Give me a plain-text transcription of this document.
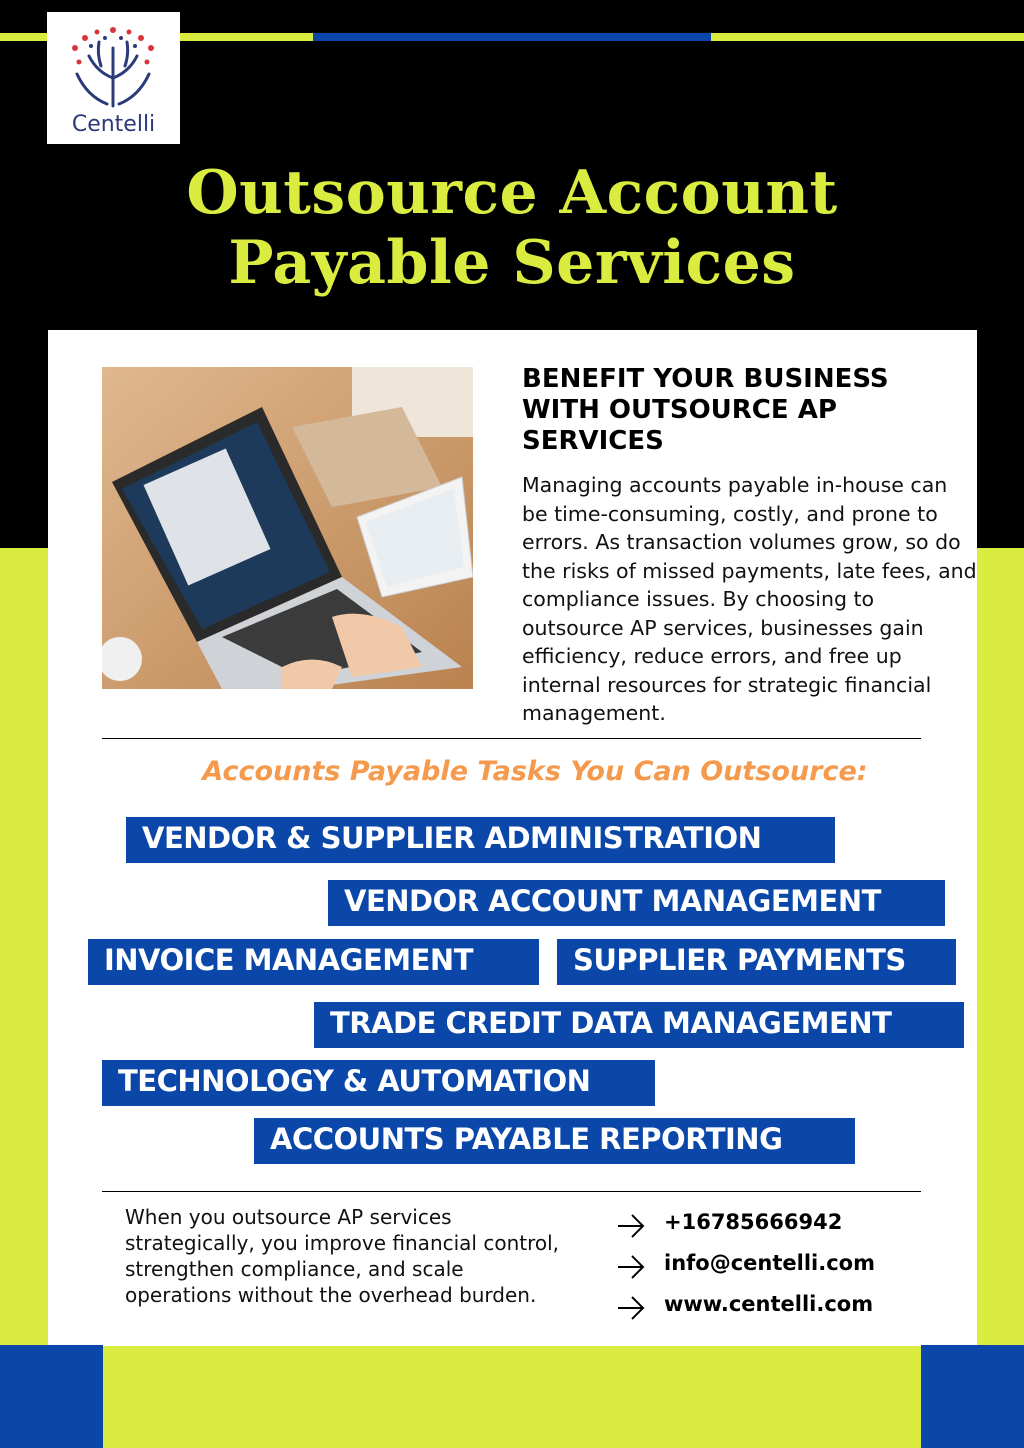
Centelli
Outsource Account
Payable Services
BENEFIT YOUR BUSINESS WITH OUTSOURCE AP SERVICES
Managing accounts payable in-house can be time-consuming, costly, and prone to errors. As transaction volumes grow, so do the risks of missed payments, late fees, and compliance issues. By choosing to outsource AP services, businesses gain efficiency, reduce errors, and free up internal resources for strategic financial management.
Accounts Payable Tasks You Can Outsource:
VENDOR & SUPPLIER ADMINISTRATION
VENDOR ACCOUNT MANAGEMENT
INVOICE MANAGEMENT	SUPPLIER PAYMENTS
TRADE CREDIT DATA MANAGEMENT
TECHNOLOGY & AUTOMATION
ACCOUNTS PAYABLE REPORTING
When you outsource AP services strategically, you improve financial control, strengthen compliance, and scale operations without the overhead burden.
+16785666942
info@centelli.com
www.centelli.com
